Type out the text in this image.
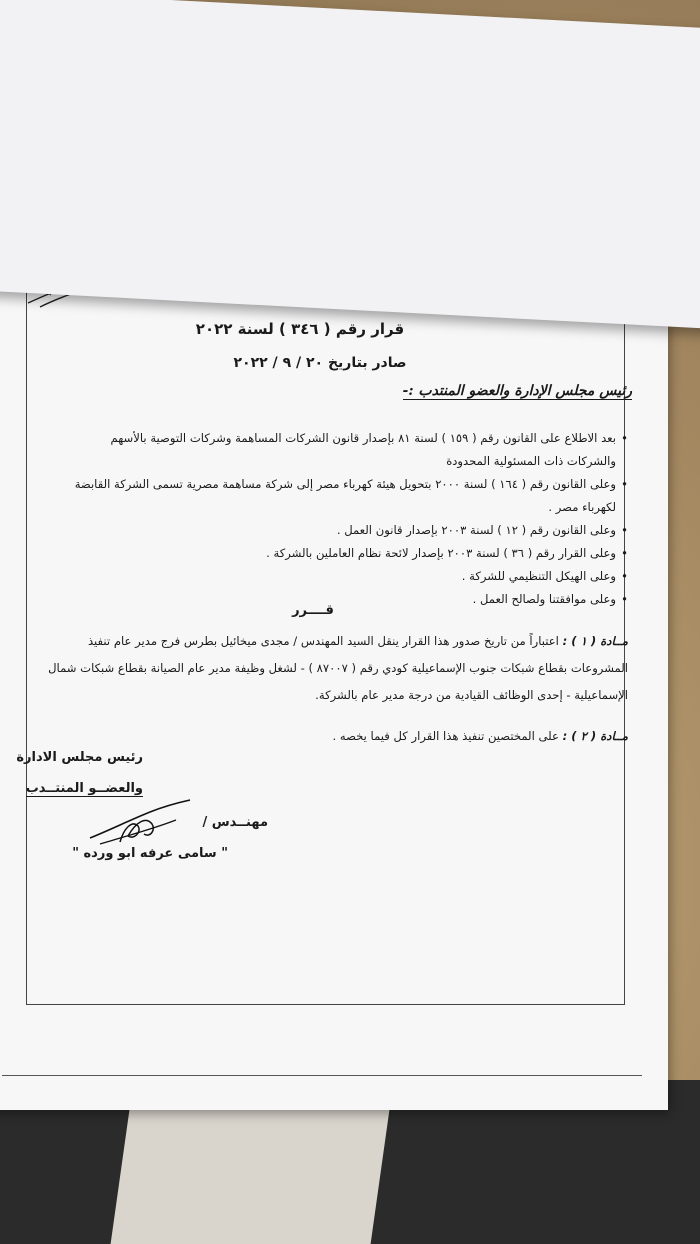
قرار رقم ( ٣٤٦ ) لسنة ٢٠٢٢
صادر بتاريخ ٢٠ / ٩ / ٢٠٢٢
رئيس مجلس الإدارة والعضو المنتدب :-

• بعد الاطلاع على القانون رقم ( ١٥٩ ) لسنة ٨١ بإصدار قانون الشركات المساهمة وشركات التوصية بالأسهم والشركات ذات المسئولية المحدودة

• وعلى القانون رقم ( ١٦٤ ) لسنة ٢٠٠٠ بتحويل هيئة كهرباء مصر إلى شركة مساهمة مصرية تسمى الشركة القابضة لكهرباء مصر .

• وعلى القانون رقم ( ١٢ ) لسنة ٢٠٠٣ بإصدار قانون العمل .

• وعلى القرار رقم ( ٣٦ ) لسنة ٢٠٠٣ بإصدار لائحة نظام العاملين بالشركة .

• وعلى الهيكل التنظيمي للشركة .

• وعلى موافقتنا ولصالح العمل .

قــــرر
مــادة ( ١ ) : اعتباراً من تاريخ صدور هذا القرار ينقل السيد المهندس / مجدى ميخائيل بطرس فرج مدير عام تنفيذ المشروعات بقطاع شبكات جنوب الإسماعيلية كودي رقم ( ٨٧٠٠٧ ) - لشغل وظيفة مدير عام الصيانة بقطاع شبكات شمال الإسماعيلية - إحدى الوظائف القيادية من درجة مدير عام بالشركة.
مــادة ( ٢ ) : على المختصين تنفيذ هذا القرار كل فيما يخصه .
رئيس مجلس الادارة
والعضــو المنتــدب
مهنــدس /
" سامى عرفه ابو ورده "
